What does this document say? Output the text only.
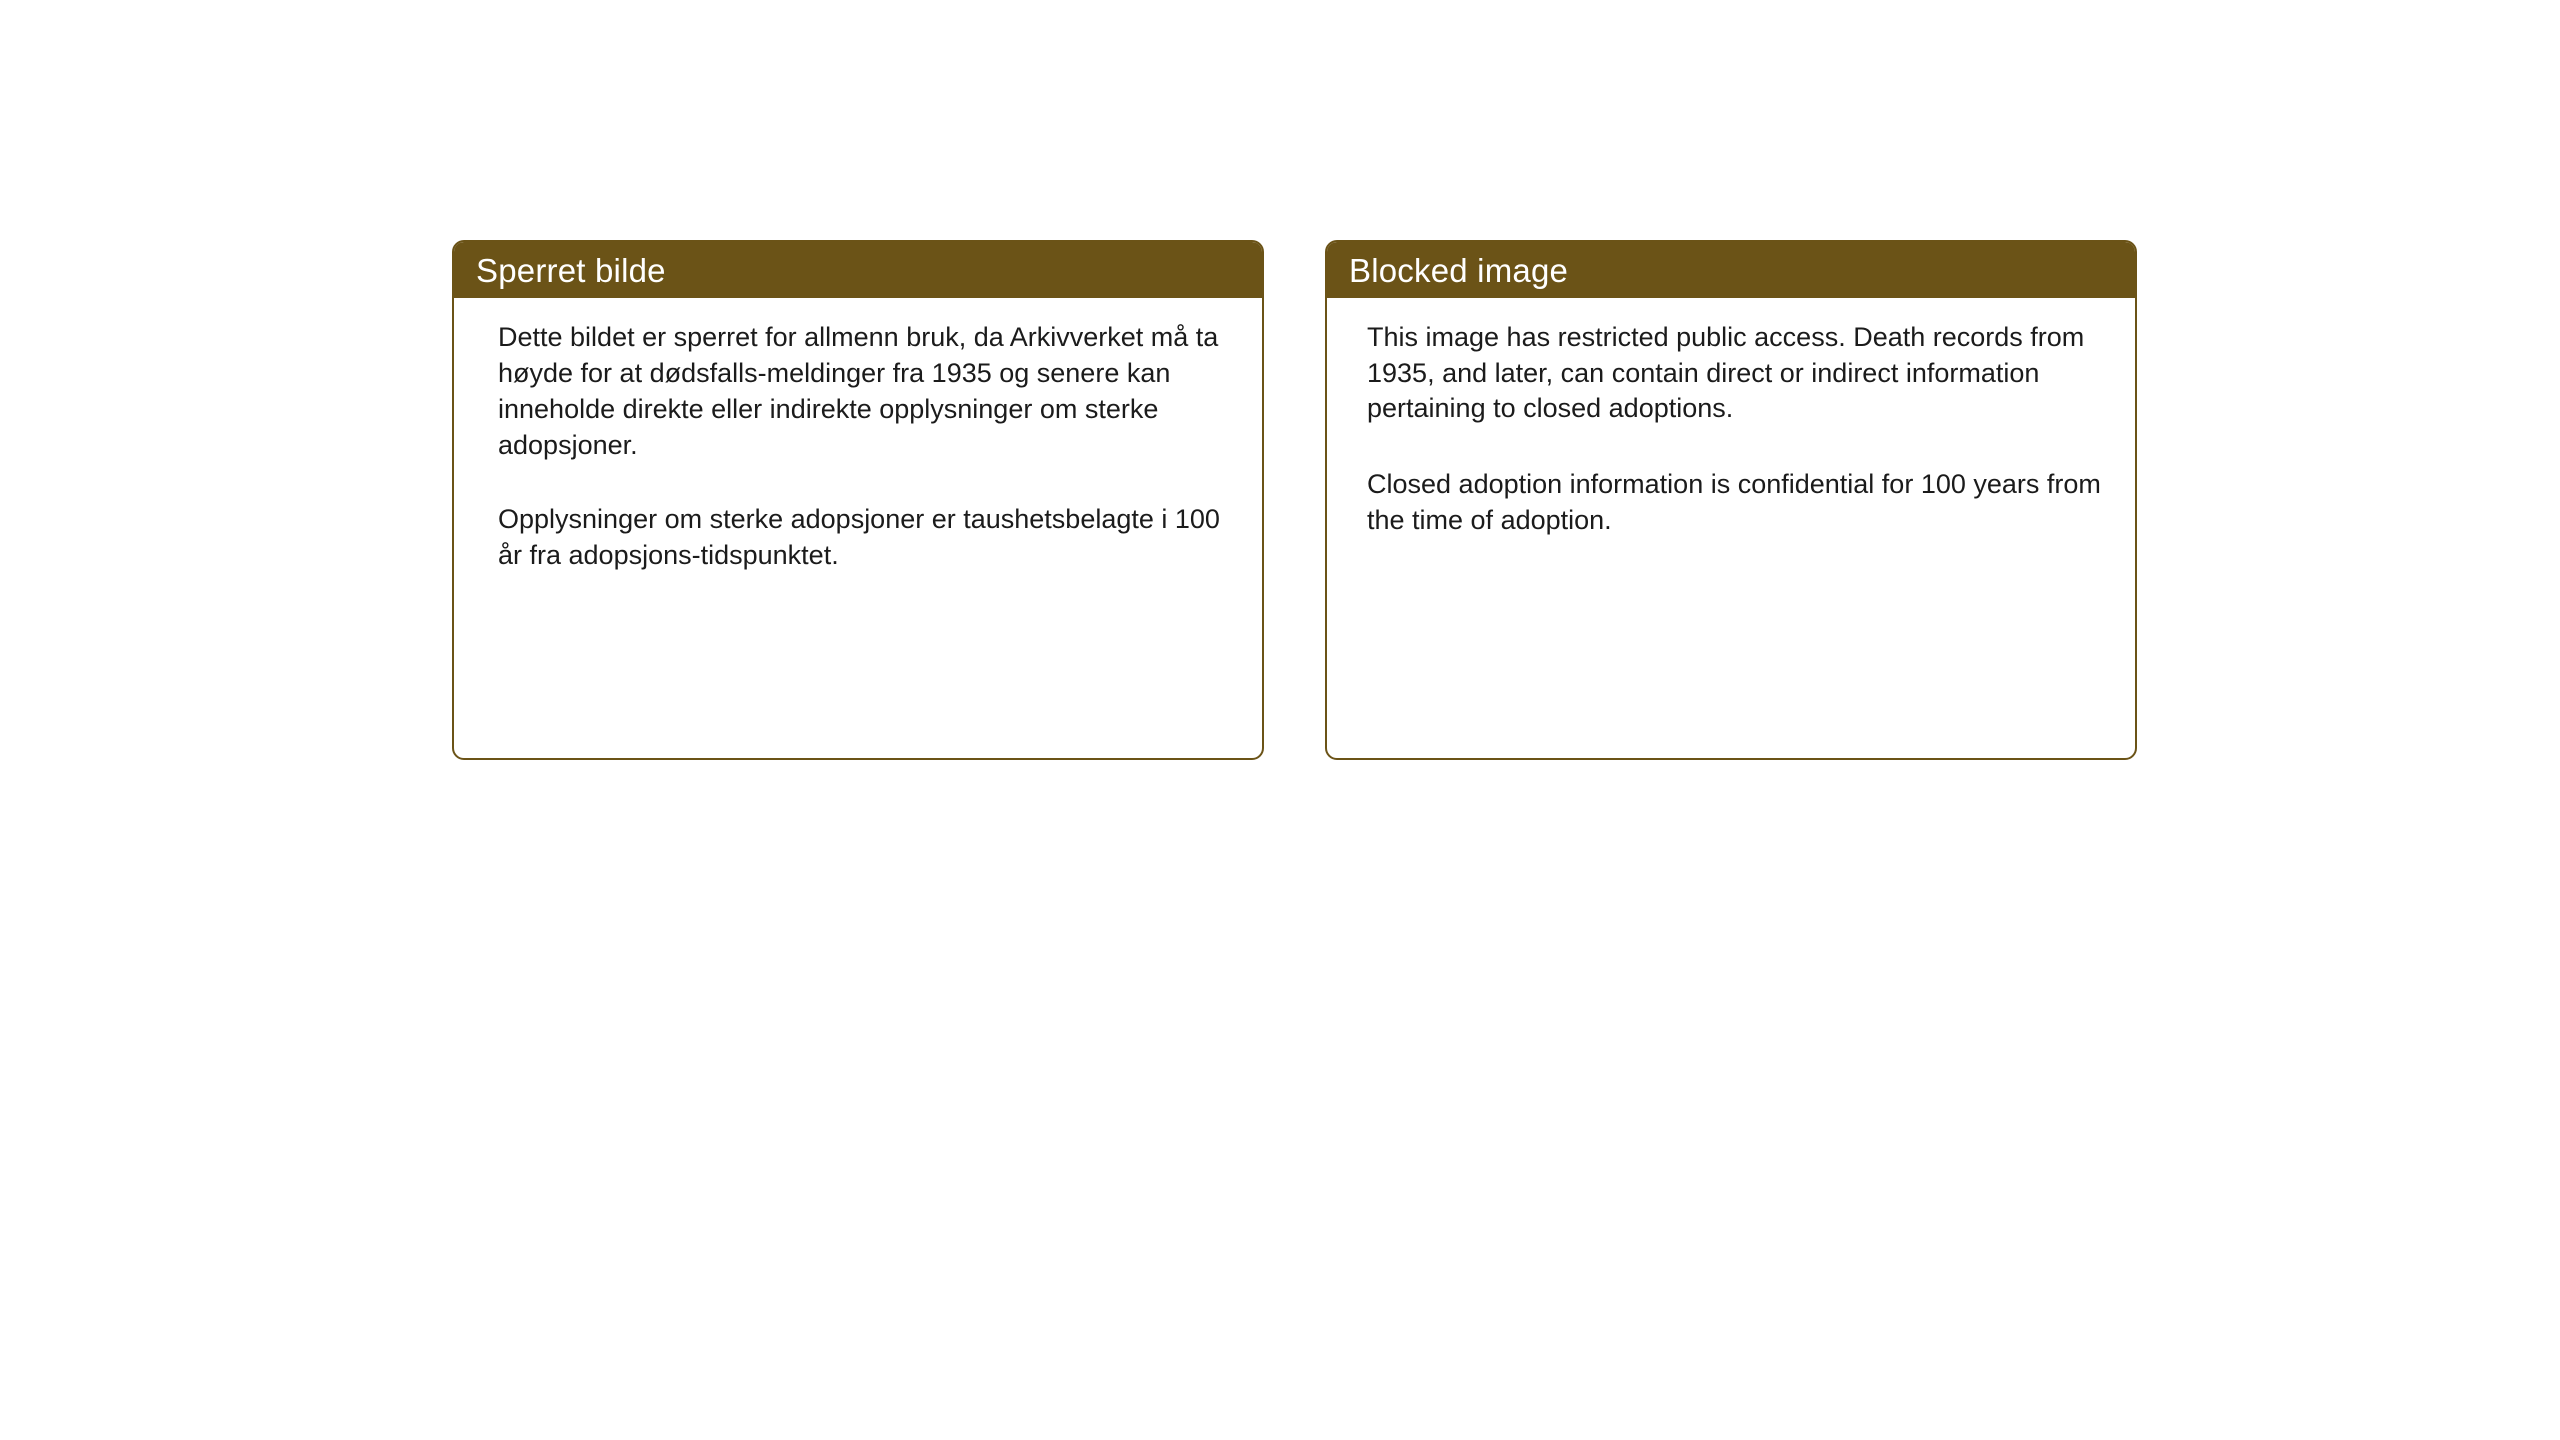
Sperret bilde

Dette bildet er sperret for allmenn bruk, da Arkivverket må ta høyde for at dødsfalls-meldinger fra 1935 og senere kan inneholde direkte eller indirekte opplysninger om sterke adopsjoner.

Opplysninger om sterke adopsjoner er taushetsbelagte i 100 år fra adopsjons-tidspunktet.

Blocked image

This image has restricted public access. Death records from 1935, and later, can contain direct or indirect information pertaining to closed adoptions.

Closed adoption information is confidential for 100 years from the time of adoption.
